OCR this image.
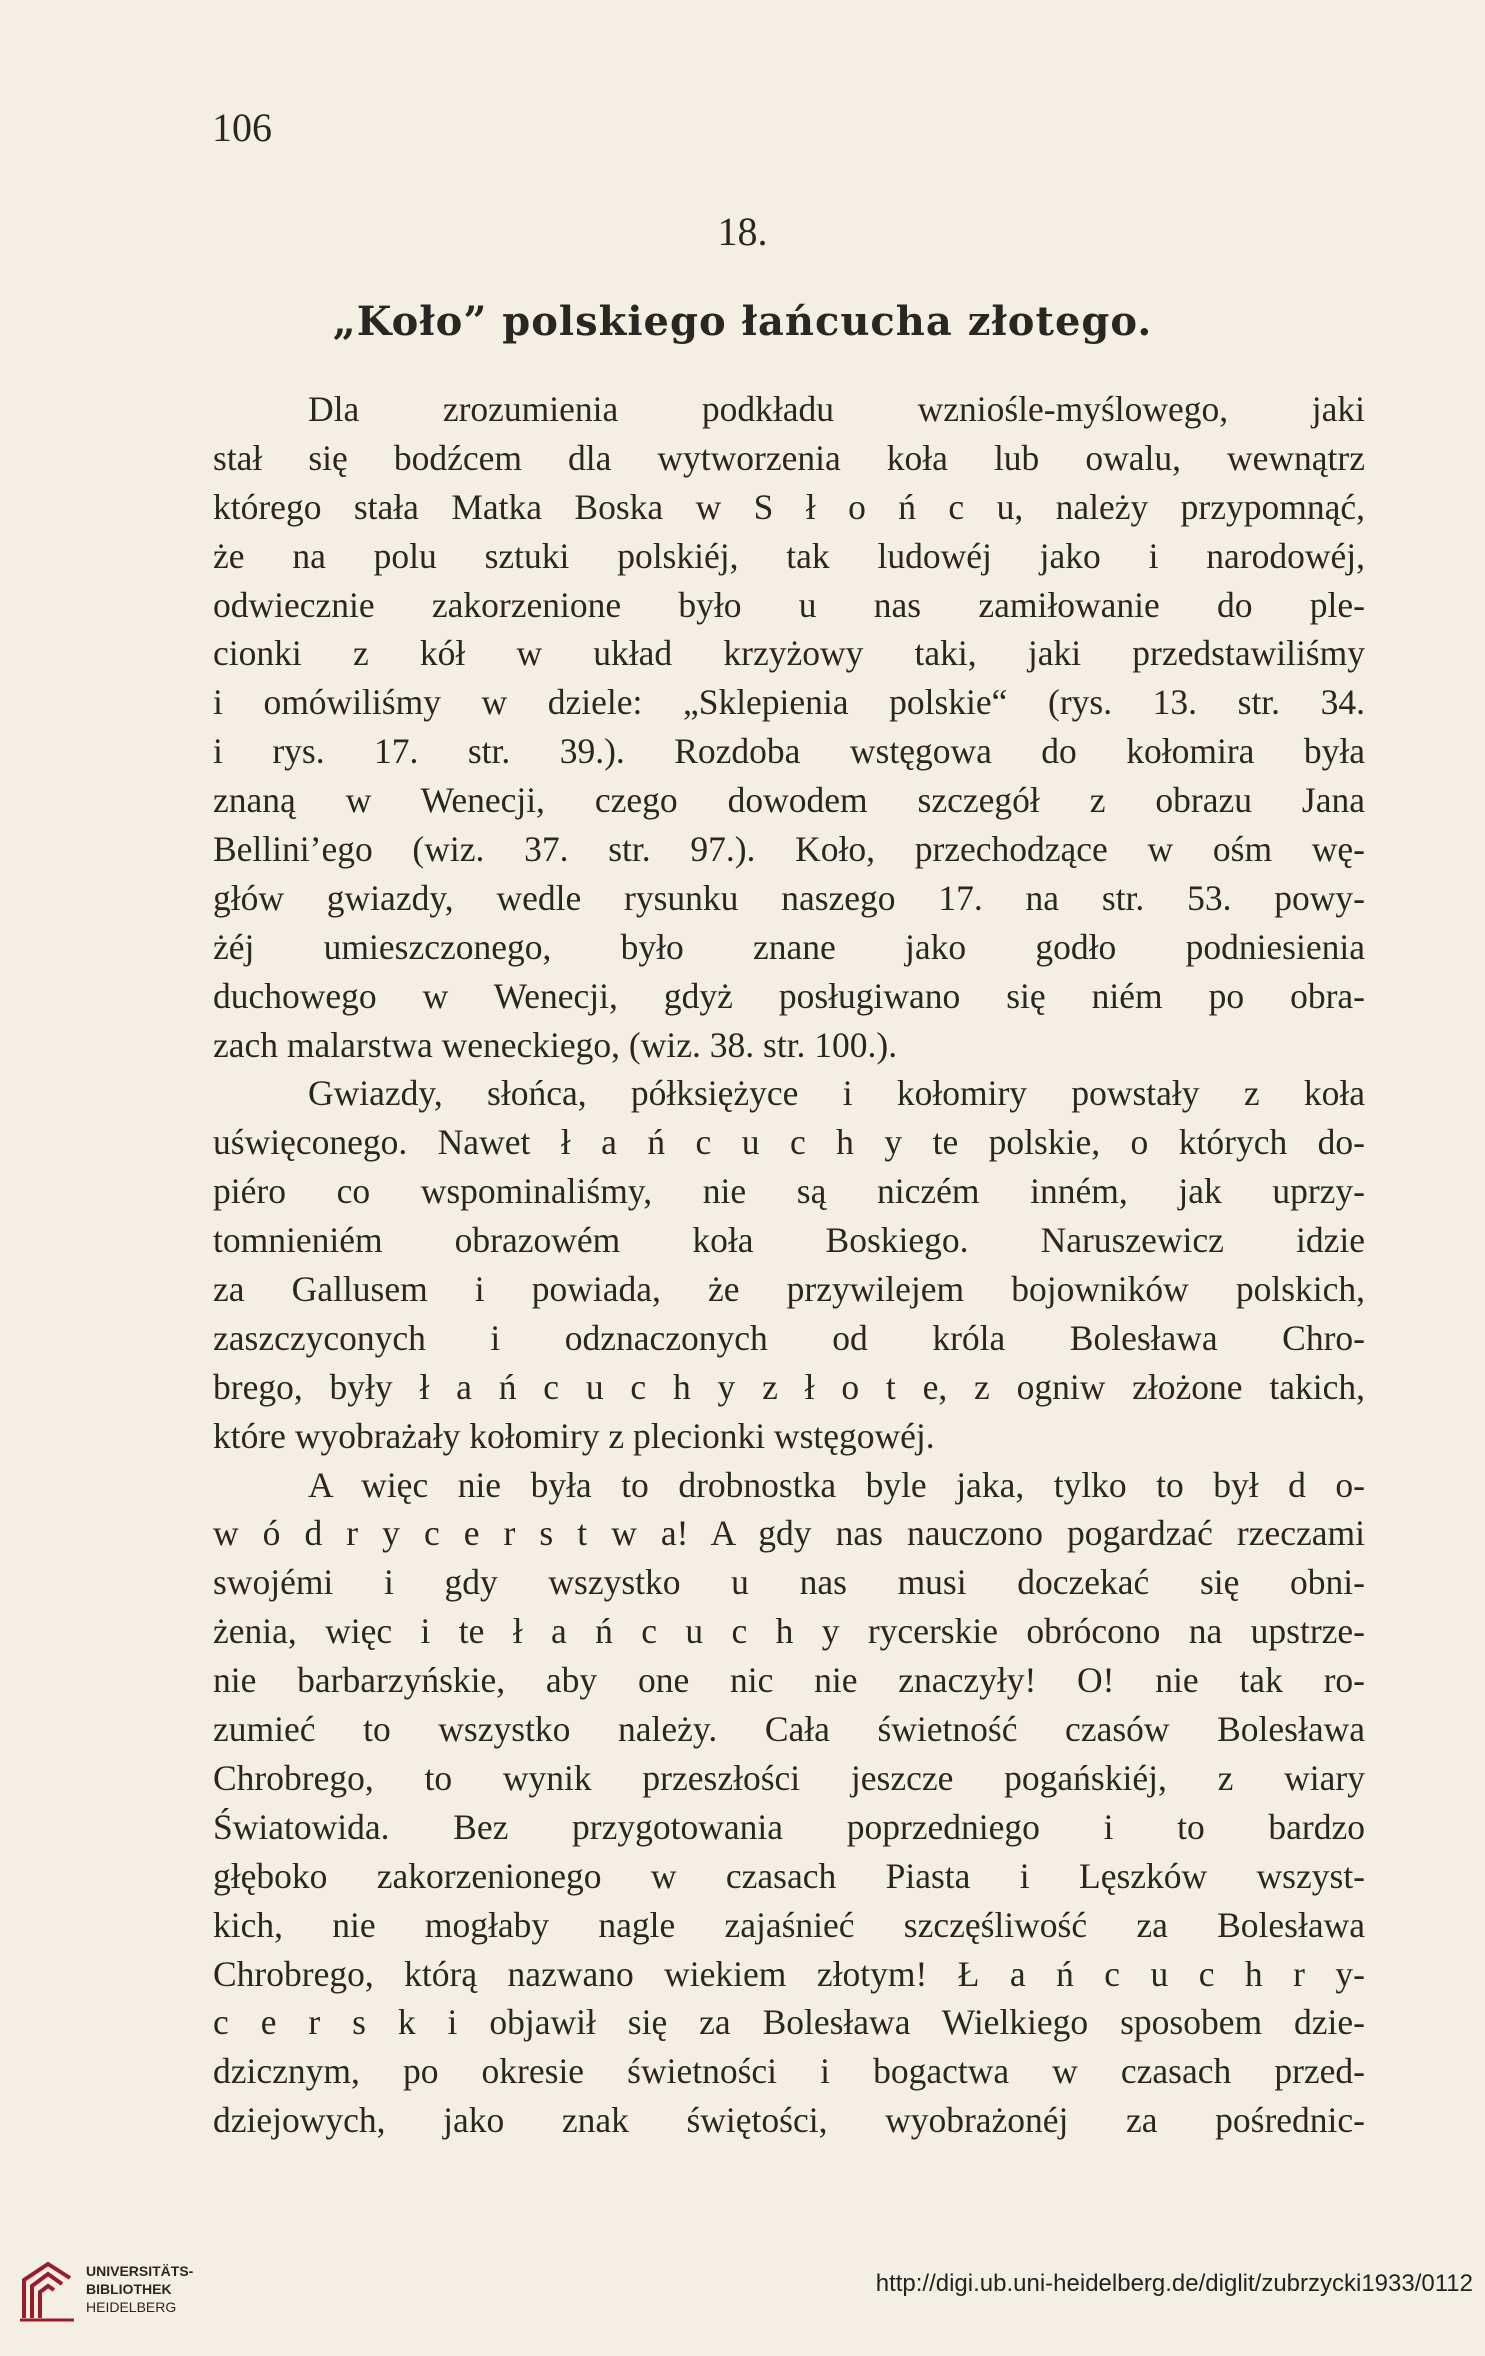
106
18.
„Koło” polskiego łańcucha złotego.
Dla zrozumienia podkładu wzniośle-myślowego, jaki
stał się bodźcem dla wytworzenia koła lub owalu, wewnątrz
którego stała Matka Boska w S ł o ń c u, należy przypomnąć,
że na polu sztuki polskiéj, tak ludowéj jako i narodowéj,
odwiecznie zakorzenione było u nas zamiłowanie do ple-
cionki z kół w układ krzyżowy taki, jaki przedstawiliśmy
i omówiliśmy w dziele: „Sklepienia polskie“ (rys. 13. str. 34.
i rys. 17. str. 39.). Rozdoba wstęgowa do kołomira była
znaną w Wenecji, czego dowodem szczegół z obrazu Jana
Bellini’ego (wiz. 37. str. 97.). Koło, przechodzące w ośm wę-
głów gwiazdy, wedle rysunku naszego 17. na str. 53. powy-
żéj umieszczonego, było znane jako godło podniesienia
duchowego w Wenecji, gdyż posługiwano się niém po obra-
zach malarstwa weneckiego, (wiz. 38. str. 100.).
Gwiazdy, słońca, półksiężyce i kołomiry powstały z koła
uświęconego. Nawet ł a ń c u c h y te polskie, o których do-
piéro co wspominaliśmy, nie są niczém inném, jak uprzy-
tomnieniém obrazowém koła Boskiego. Naruszewicz idzie
za Gallusem i powiada, że przywilejem bojowników polskich,
zaszczyconych i odznaczonych od króla Bolesława Chro-
brego, były ł a ń c u c h y z ł o t e, z ogniw złożone takich,
które wyobrażały kołomiry z plecionki wstęgowéj.
A więc nie była to drobnostka byle jaka, tylko to był d o-
w ó d r y c e r s t w a! A gdy nas nauczono pogardzać rzeczami
swojémi i gdy wszystko u nas musi doczekać się obni-
żenia, więc i te ł a ń c u c h y rycerskie obrócono na upstrze-
nie barbarzyńskie, aby one nic nie znaczyły! O! nie tak ro-
zumieć to wszystko należy. Cała świetność czasów Bolesława
Chrobrego, to wynik przeszłości jeszcze pogańskiéj, z wiary
Światowida. Bez przygotowania poprzedniego i to bardzo
głęboko zakorzenionego w czasach Piasta i Lęszków wszyst-
kich, nie mogłaby nagle zajaśnieć szczęśliwość za Bolesława
Chrobrego, którą nazwano wiekiem złotym! Ł a ń c u c h r y-
c e r s k i objawił się za Bolesława Wielkiego sposobem dzie-
dzicznym, po okresie świetności i bogactwa w czasach przed-
dziejowych, jako znak świętości, wyobrażonéj za pośrednic-
UNIVERSITÄTS-
BIBLIOTHEK
HEIDELBERG
http://digi.ub.uni-heidelberg.de/diglit/zubrzycki1933/0112
